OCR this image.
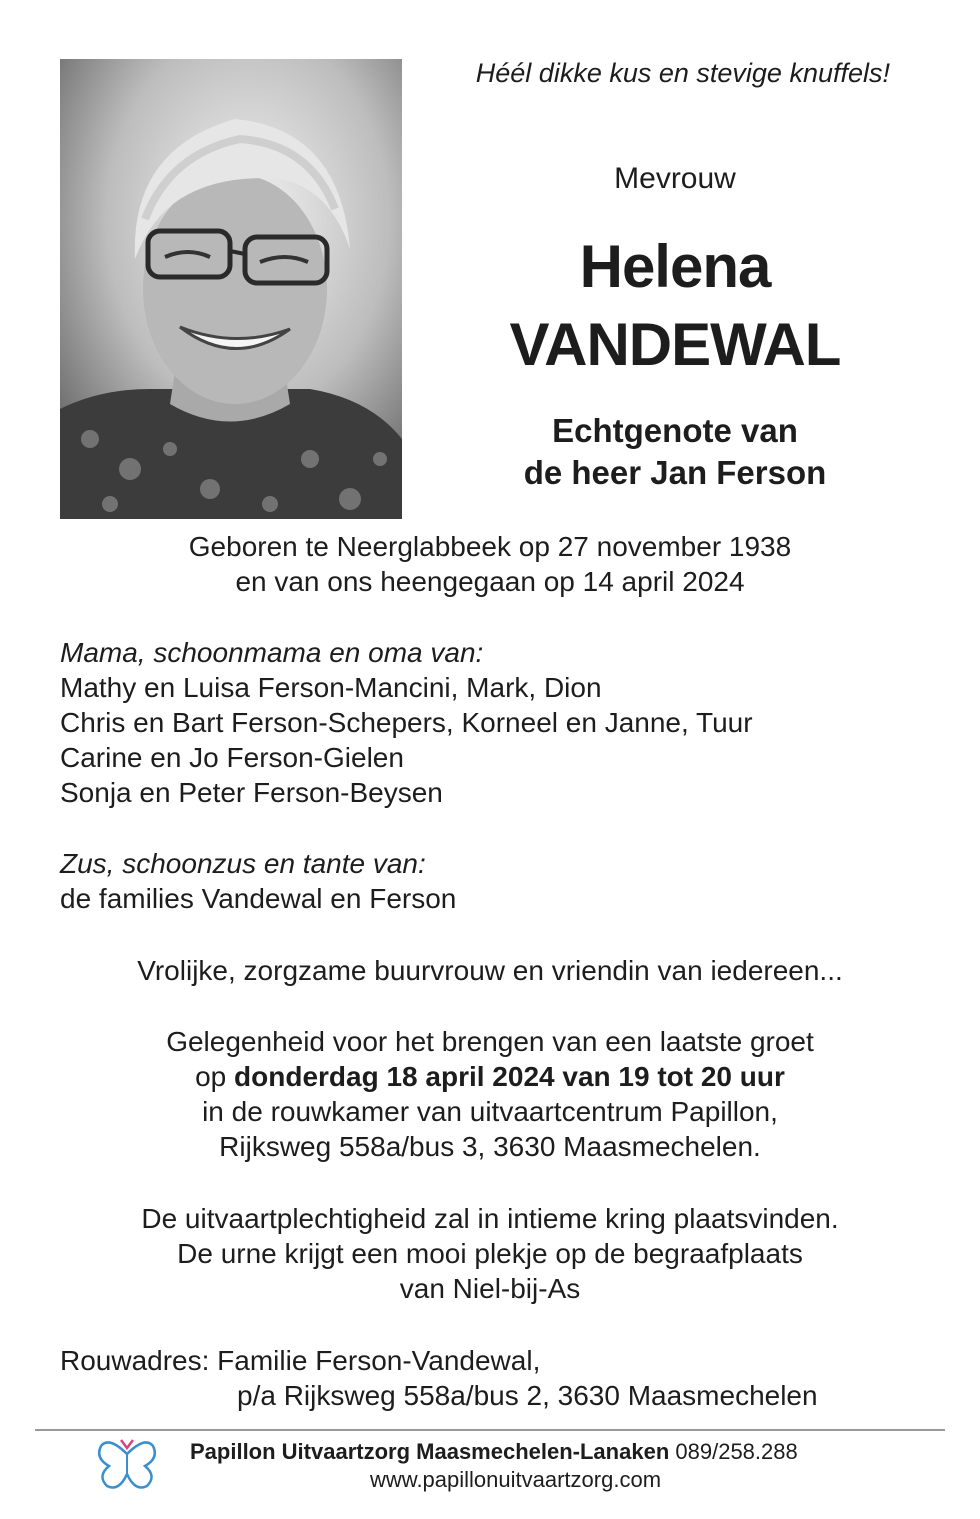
Héél dikke kus en stevige knuffels!
Mevrouw
Helena
VANDEWAL
Echtgenote van
de heer Jan Ferson
Geboren te Neerglabbeek op 27 november 1938
en van ons heengegaan op 14 april 2024
Mama, schoonmama en oma van:
Mathy en Luisa Ferson-Mancini, Mark, Dion
Chris en Bart Ferson-Schepers, Korneel en Janne, Tuur
Carine en Jo Ferson-Gielen
Sonja en Peter Ferson-Beysen
Zus, schoonzus en tante van:
de families Vandewal en Ferson
Vrolijke, zorgzame buurvrouw en vriendin van iedereen...
Gelegenheid voor het brengen van een laatste groet
op donderdag 18 april 2024 van 19 tot 20 uur
in de rouwkamer van uitvaartcentrum Papillon,
Rijksweg 558a/bus 3, 3630 Maasmechelen.
De uitvaartplechtigheid zal in intieme kring plaatsvinden.
De urne krijgt een mooi plekje op de begraafplaats
van Niel-bij-As
Rouwadres: Familie Ferson-Vandewal,
p/a Rijksweg 558a/bus 2, 3630 Maasmechelen
Papillon Uitvaartzorg Maasmechelen-Lanaken 089/258.288
www.papillonuitvaartzorg.com
